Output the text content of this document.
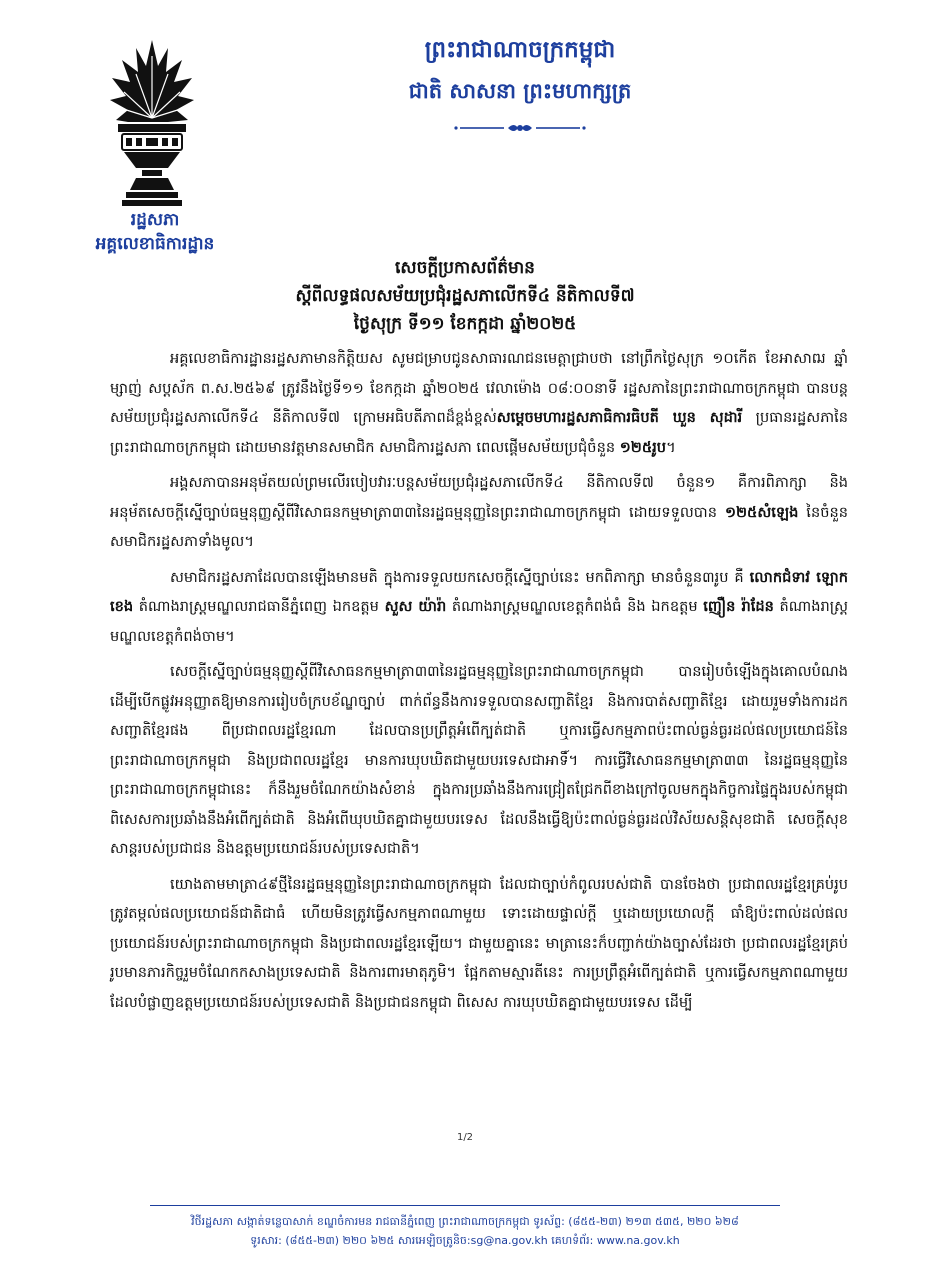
រដ្ឋសភា
អគ្គលេខាធិការដ្ឋាន
ព្រះរាជាណាចក្រកម្ពុជា
ជាតិ សាសនា ព្រះមហាក្សត្រ
សេចក្តីប្រកាសព័ត៌មាន
ស្តីពីលទ្ធផលសម័យប្រជុំរដ្ឋសភាលើកទី៤ នីតិកាលទី៧
ថ្ងៃសុក្រ ទី១១ ខែកក្កដា ឆ្នាំ២០២៥

អគ្គលេខាធិការដ្ឋានរដ្ឋសភាមានកិត្តិយស សូមជម្រាបជូនសាធារណជនមេត្តាជ្រាបថា នៅព្រឹកថ្ងៃសុក្រ ១០កើត ខែអាសាឍ ឆ្នាំម្សាញ់ សប្តស័ក ព.ស.២៥៦៩ ត្រូវនឹងថ្ងៃទី១១ ខែកក្កដា ឆ្នាំ២០២៥ វេលាម៉ោង ០៨:០០នាទី រដ្ឋសភានៃព្រះរាជាណាចក្រកម្ពុជា បានបន្តសម័យប្រជុំរដ្ឋសភាលើកទី៤ នីតិកាលទី៧ ក្រោមអធិបតីភាពដ៏ខ្ពង់ខ្ពស់សម្តេចមហារដ្ឋសភាធិការធិបតី ឃួន សុដារី ប្រធានរដ្ឋសភានៃព្រះរាជាណាចក្រកម្ពុជា ដោយមានវត្តមានសមាជិក សមាជិការដ្ឋសភា ពេលផ្តើមសម័យប្រជុំចំនួន ១២៥រូប។

អង្គសភាបានអនុម័តយល់ព្រមលើរបៀបវារៈបន្តសម័យប្រជុំរដ្ឋសភាលើកទី៤ នីតិកាលទី៧ ចំនួន១ គឺការពិភាក្សា និងអនុម័តសេចក្តីស្នើច្បាប់ធម្មនុញ្ញស្តីពីវិសោធនកម្មមាត្រា៣៣នៃរដ្ឋធម្មនុញ្ញនៃព្រះរាជាណាចក្រកម្ពុជា ដោយទទួលបាន ១២៥សំឡេង នៃចំនួនសមាជិករដ្ឋសភាទាំងមូល។

សមាជិករដ្ឋសភាដែលបានឡើងមានមតិ ក្នុងការទទួលយកសេចក្តីស្នើច្បាប់នេះ មកពិភាក្សា មានចំនួន៣រូប គឺ លោកជំទាវ ឡោក ខេង តំណាងរាស្ត្រមណ្ឌលរាជធានីភ្នំពេញ ឯកឧត្តម សួស យ៉ារ៉ា តំណាងរាស្ត្រមណ្ឌលខេត្តកំពង់ធំ និង ឯកឧត្តម ញឿន រ៉ាដែន តំណាងរាស្ត្រមណ្ឌលខេត្តកំពង់ចាម។

សេចក្តីស្នើច្បាប់ធម្មនុញ្ញស្តីពីវិសោធនកម្មមាត្រា៣៣នៃរដ្ឋធម្មនុញ្ញនៃព្រះរាជាណាចក្រកម្ពុជា បានរៀបចំឡើងក្នុងគោលបំណងដើម្បីបើកផ្លូវអនុញ្ញាតឱ្យមានការរៀបចំក្របខ័ណ្ឌច្បាប់ ពាក់ព័ន្ធនឹងការទទួលបានសញ្ជាតិខ្មែរ និងការបាត់សញ្ជាតិខ្មែរ ដោយរួមទាំងការដកសញ្ជាតិខ្មែរផង ពីប្រជាពលរដ្ឋខ្មែរណា ដែលបានប្រព្រឹត្តអំពើក្បត់ជាតិ ឬការធ្វើសកម្មភាពប៉ះពាល់ធ្ងន់ធ្ងរដល់ផលប្រយោជន៍នៃព្រះរាជាណាចក្រកម្ពុជា និងប្រជាពលរដ្ឋខ្មែរ មានការឃុបឃិតជាមួយបរទេសជាអាទិ៍។ ការធ្វើវិសោធនកម្មមាត្រា៣៣ នៃរដ្ឋធម្មនុញ្ញនៃព្រះរាជាណាចក្រកម្ពុជានេះ ក៏នឹងរួមចំណែកយ៉ាងសំខាន់ ក្នុងការប្រឆាំងនឹងការជ្រៀតជ្រែកពីខាងក្រៅចូលមកក្នុងកិច្ចការផ្ទៃក្នុងរបស់កម្ពុជា ពិសេសការប្រឆាំងនឹងអំពើក្បត់ជាតិ និងអំពើឃុបឃិតគ្នាជាមួយបរទេស ដែលនឹងធ្វើឱ្យប៉ះពាល់ធ្ងន់ធ្ងរដល់វិស័យសន្តិសុខជាតិ សេចក្តីសុខសាន្តរបស់ប្រជាជន និងឧត្តមប្រយោជន៍របស់ប្រទេសជាតិ។

យោងតាមមាត្រា៤៩ថ្មីនៃរដ្ឋធម្មនុញ្ញនៃព្រះរាជាណាចក្រកម្ពុជា ដែលជាច្បាប់កំពូលរបស់ជាតិ បានចែងថា ប្រជាពលរដ្ឋខ្មែរគ្រប់រូប ត្រូវតម្កល់ផលប្រយោជន៍ជាតិជាធំ ហើយមិនត្រូវធ្វើសកម្មភាពណាមួយ ទោះដោយផ្ទាល់ក្តី ឬដោយប្រយោលក្តី ធាំឱ្យប៉ះពាល់ដល់ផលប្រយោជន៍របស់ព្រះរាជាណាចក្រកម្ពុជា និងប្រជាពលរដ្ឋខ្មែរឡើយ។ ជាមួយគ្នានេះ មាត្រានេះក៏បញ្ជាក់យ៉ាងច្បាស់ដែរថា ប្រជាពលរដ្ឋខ្មែរគ្រប់រូបមានភារកិច្ចរួមចំណែកកសាងប្រទេសជាតិ និងការពារមាតុភូមិ។ ផ្អែកតាមស្មារតីនេះ ការប្រព្រឹត្តអំពើក្បត់ជាតិ ឬការធ្វើសកម្មភាពណាមួយ ដែលបំផ្លាញឧត្តមប្រយោជន៍របស់ប្រទេសជាតិ និងប្រជាជនកម្ពុជា ពិសេស ការឃុបឃិតគ្នាជាមួយបរទេស ដើម្បី

1/2
វិថីរដ្ឋសភា សង្កាត់ទន្លេបាសាក់ ខណ្ឌចំការមន រាជធានីភ្នំពេញ ព្រះរាជាណាចក្រកម្ពុជា ទូរស័ព្ទ: (៨៥៥-២៣) ២១៣ ៥៣៥, ២២០ ៦២៨
ទូរសារ: (៨៥៥-២៣) ២២០ ៦២៥ សារអេឡិចត្រូនិច:sg@na.gov.kh គេហទំព័រ: www.na.gov.kh
